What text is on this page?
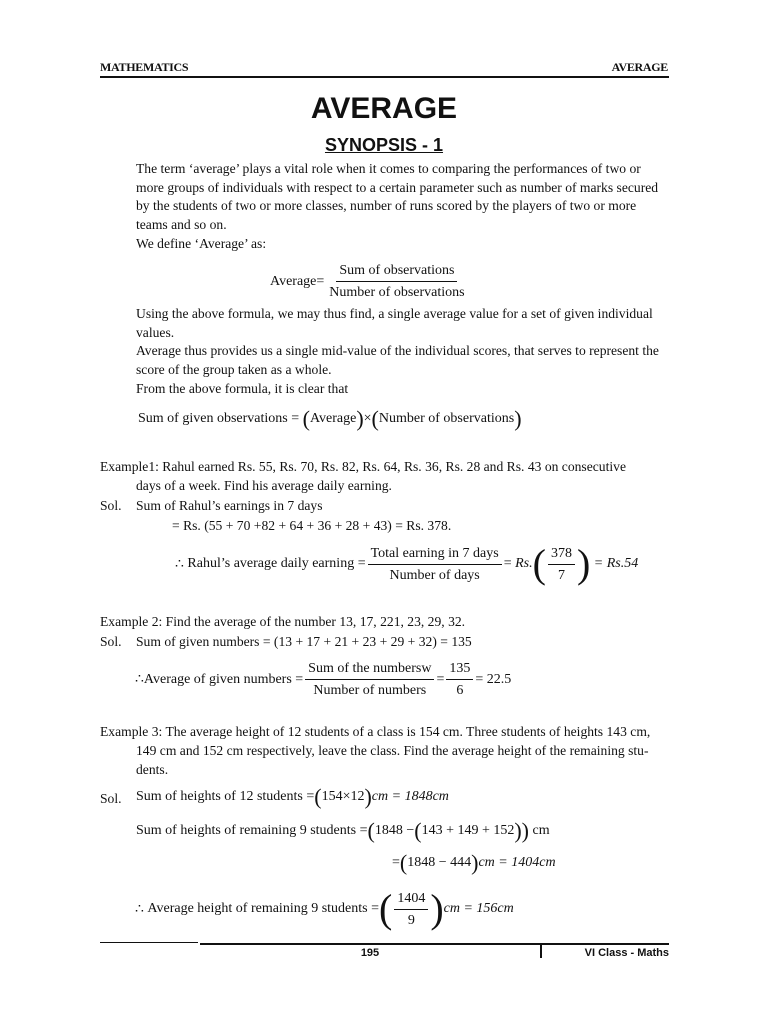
MATHEMATICS	AVERAGE
AVERAGE
SYNOPSIS - 1
The term ‘average’ plays a vital role when it comes to comparing the performances of two or
more groups of individuals with respect to a certain parameter such as number of marks secured
by the students of two or more classes, number of runs scored by the players of two or more
teams and so on.
We define ‘Average’ as:
Average= $\frac{\text{Sum of observations}}{\text{Number of observations}}$
Using the above formula, we may thus find, a single average value for a set of given individual
values.
Average thus provides us a single mid-value of the individual scores, that serves to represent the
score of the group taken as a whole.
From the above formula, it is clear that
Sum of given observations =
( Average ) × ( Number of observations )
Example1: Rahul earned Rs. 55, Rs. 70, Rs. 82, Rs. 64, Rs. 36, Rs. 28 and Rs. 43 on consecutive
days of a week. Find his average daily earning.
Sol. Sum of Rahul’s earnings in 7 days
= Rs. (55 + 70 +82 + 64 + 36 + 28 + 43) = Rs. 378.
∴
Rahul’s average daily earning = $\frac{\text{Total earning in 7 days}}{\text{Number of days}}$ =
Rs. ( $\frac{378}{7}$ )
= Rs.54
Example 2: Find the average of the number 13, 17, 221, 23, 29, 32.
Sol. Sum of given numbers = (13 + 17 + 21 + 23 + 29 + 32) = 135
∴ Average of given numbers = $\frac{\text{Sum of the numbersw}}{\text{Number of numbers}} = \frac{135}{6} = 22.5$
Example 3: The average height of 12 students of a class is 154 cm. Three students of heights 143 cm,
149 cm and 152 cm respectively, leave the class. Find the average height of the remaining stu-
dents.
Sol. Sum of heights of 12 students = ( 154×12 ) cm = 1848cm
Sum of heights of remaining 9 students = ( 1848 − ( 143 + 149 + 152 ))
cm
= ( 1848 − 444 ) cm = 1404cm
∴
Average height of remaining 9 students = ( $\frac{1404}{9}$ ) cm = 156cm
195	VI Class - Maths
